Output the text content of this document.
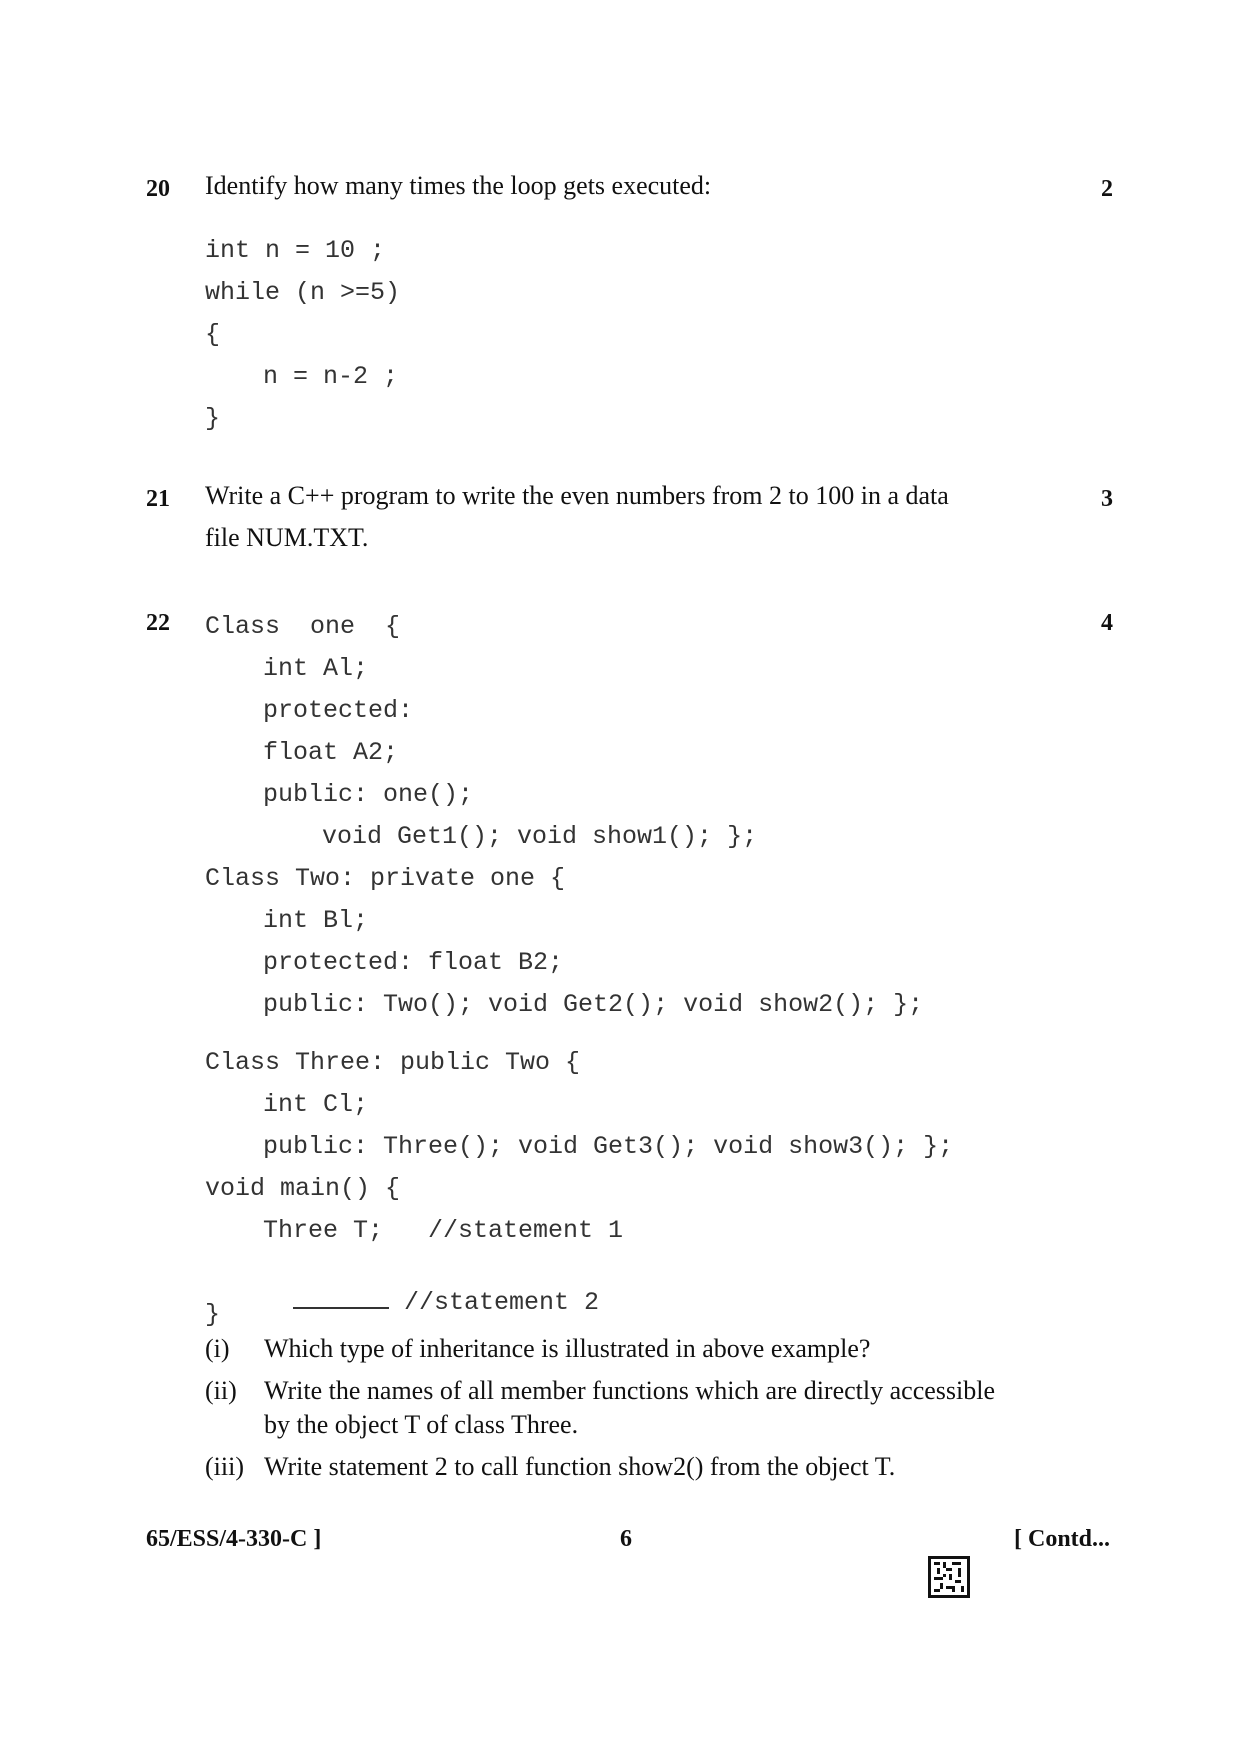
20 Identify how many times the loop gets executed:	2
int n = 10 ;
while (n >=5)
{
n = n-2 ;
}
21 Write a C++ program to write the even numbers from 2 to 100 in a data
file NUM.TXT.
3
22	4
Class  one  {
int Al;
protected:
float A2;
public: one();
void Get1(); void show1(); };
Class Two: private one {
int Bl;
protected: float B2;
public: Two(); void Get2(); void show2(); };
Class Three: public Two {
int Cl;
public: Three(); void Get3(); void show3(); };
void main() {
Three T;   //statement 1

//statement 2

}
(i) Which type of inheritance is illustrated in above example?
(ii) Write the names of all member functions which are directly accessible
by the object T of class Three.
(iii) Write statement 2 to call function show2() from the object T.
65/ESS/4-330-C ]	6

	[ Contd...
